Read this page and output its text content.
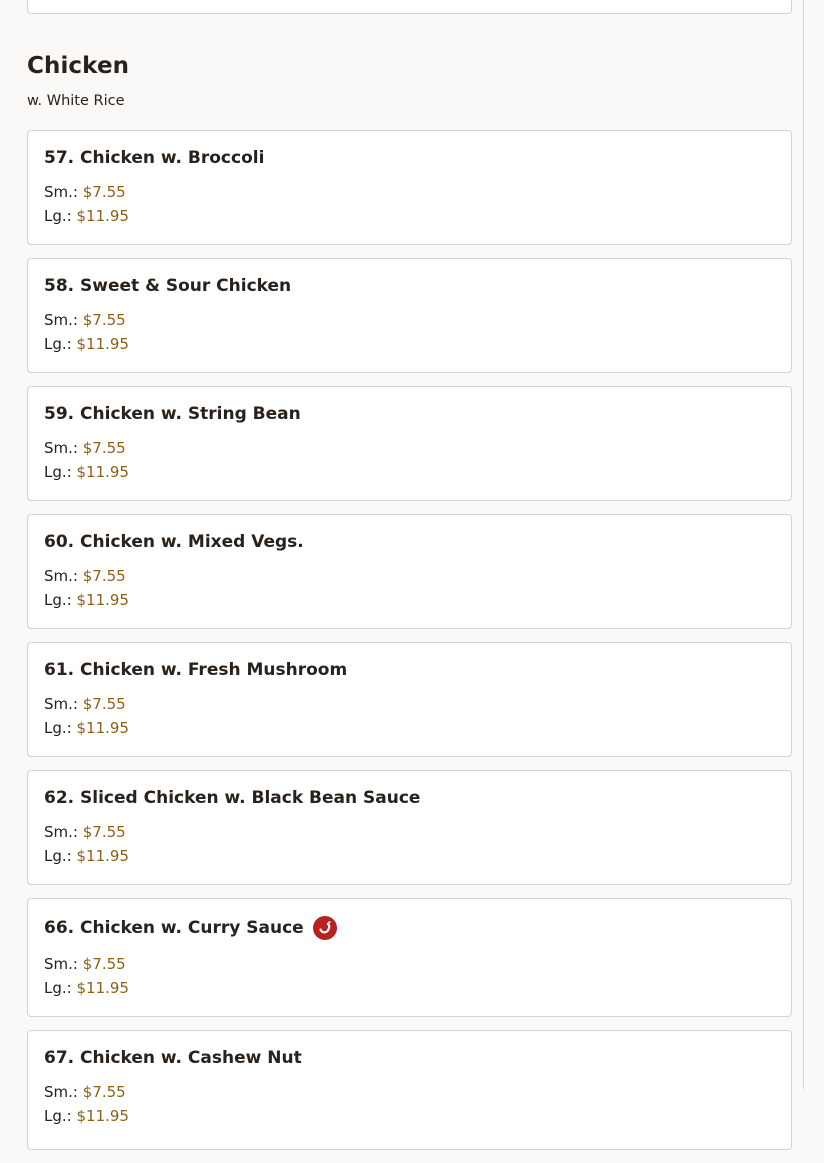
Chicken
w. White Rice
57. Chicken w. Broccoli
Sm.: $7.55
Lg.: $11.95
58. Sweet & Sour Chicken
Sm.: $7.55
Lg.: $11.95
59. Chicken w. String Bean
Sm.: $7.55
Lg.: $11.95
60. Chicken w. Mixed Vegs.
Sm.: $7.55
Lg.: $11.95
61. Chicken w. Fresh Mushroom
Sm.: $7.55
Lg.: $11.95
62. Sliced Chicken w. Black Bean Sauce
Sm.: $7.55
Lg.: $11.95
66. Chicken w. Curry Sauce
Sm.: $7.55
Lg.: $11.95
67. Chicken w. Cashew Nut
Sm.: $7.55
Lg.: $11.95
